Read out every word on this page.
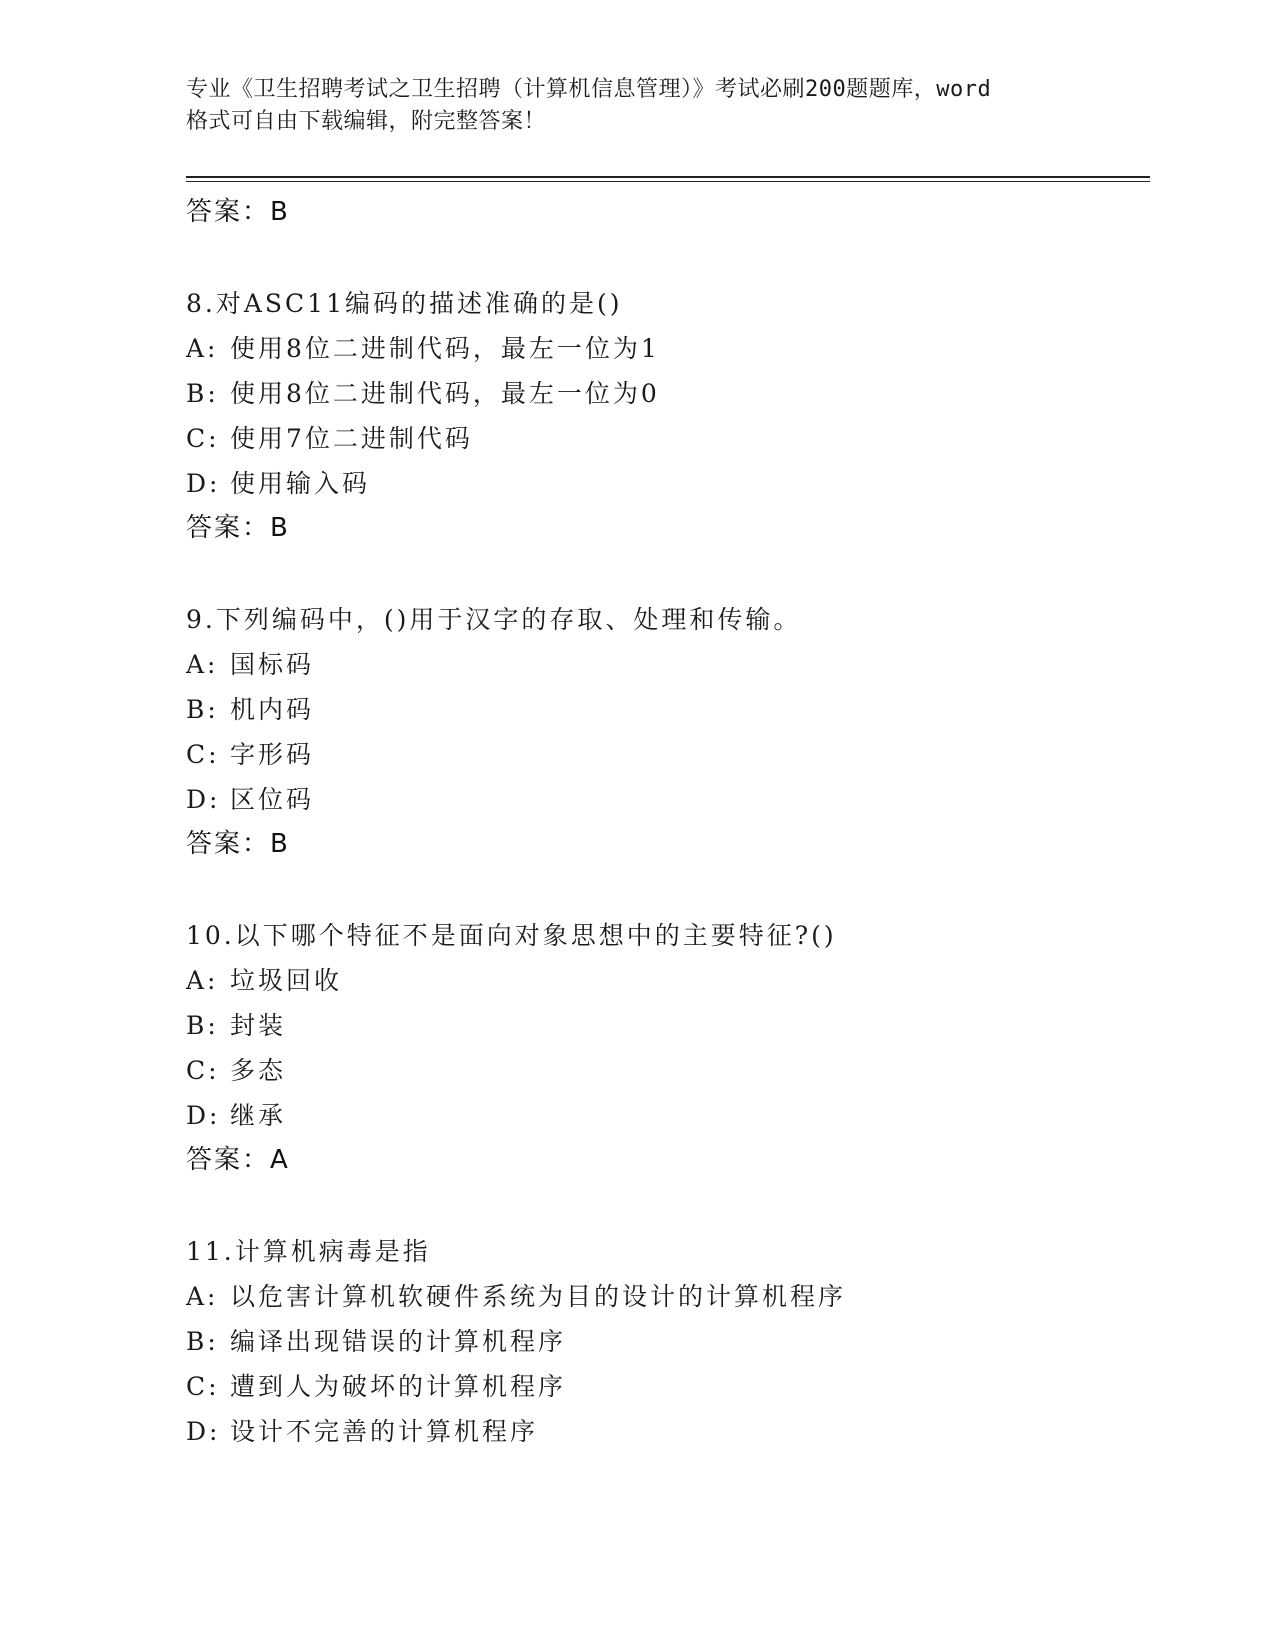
专业《卫生招聘考试之卫生招聘（计算机信息管理）》考试必刷200题题库，word
格式可自由下载编辑，附完整答案！
答案：B
8.对ASC11编码的描述准确的是()
A: 使用8位二进制代码，最左一位为1
B: 使用8位二进制代码，最左一位为0
C: 使用7位二进制代码
D: 使用输入码
答案：B
9.下列编码中，()用于汉字的存取、处理和传输。
A: 国标码
B: 机内码
C: 字形码
D: 区位码
答案：B
10.以下哪个特征不是面向对象思想中的主要特征?()
A: 垃圾回收
B: 封装
C: 多态
D: 继承
答案：A
11.计算机病毒是指
A: 以危害计算机软硬件系统为目的设计的计算机程序
B: 编译出现错误的计算机程序
C: 遭到人为破坏的计算机程序
D: 设计不完善的计算机程序
